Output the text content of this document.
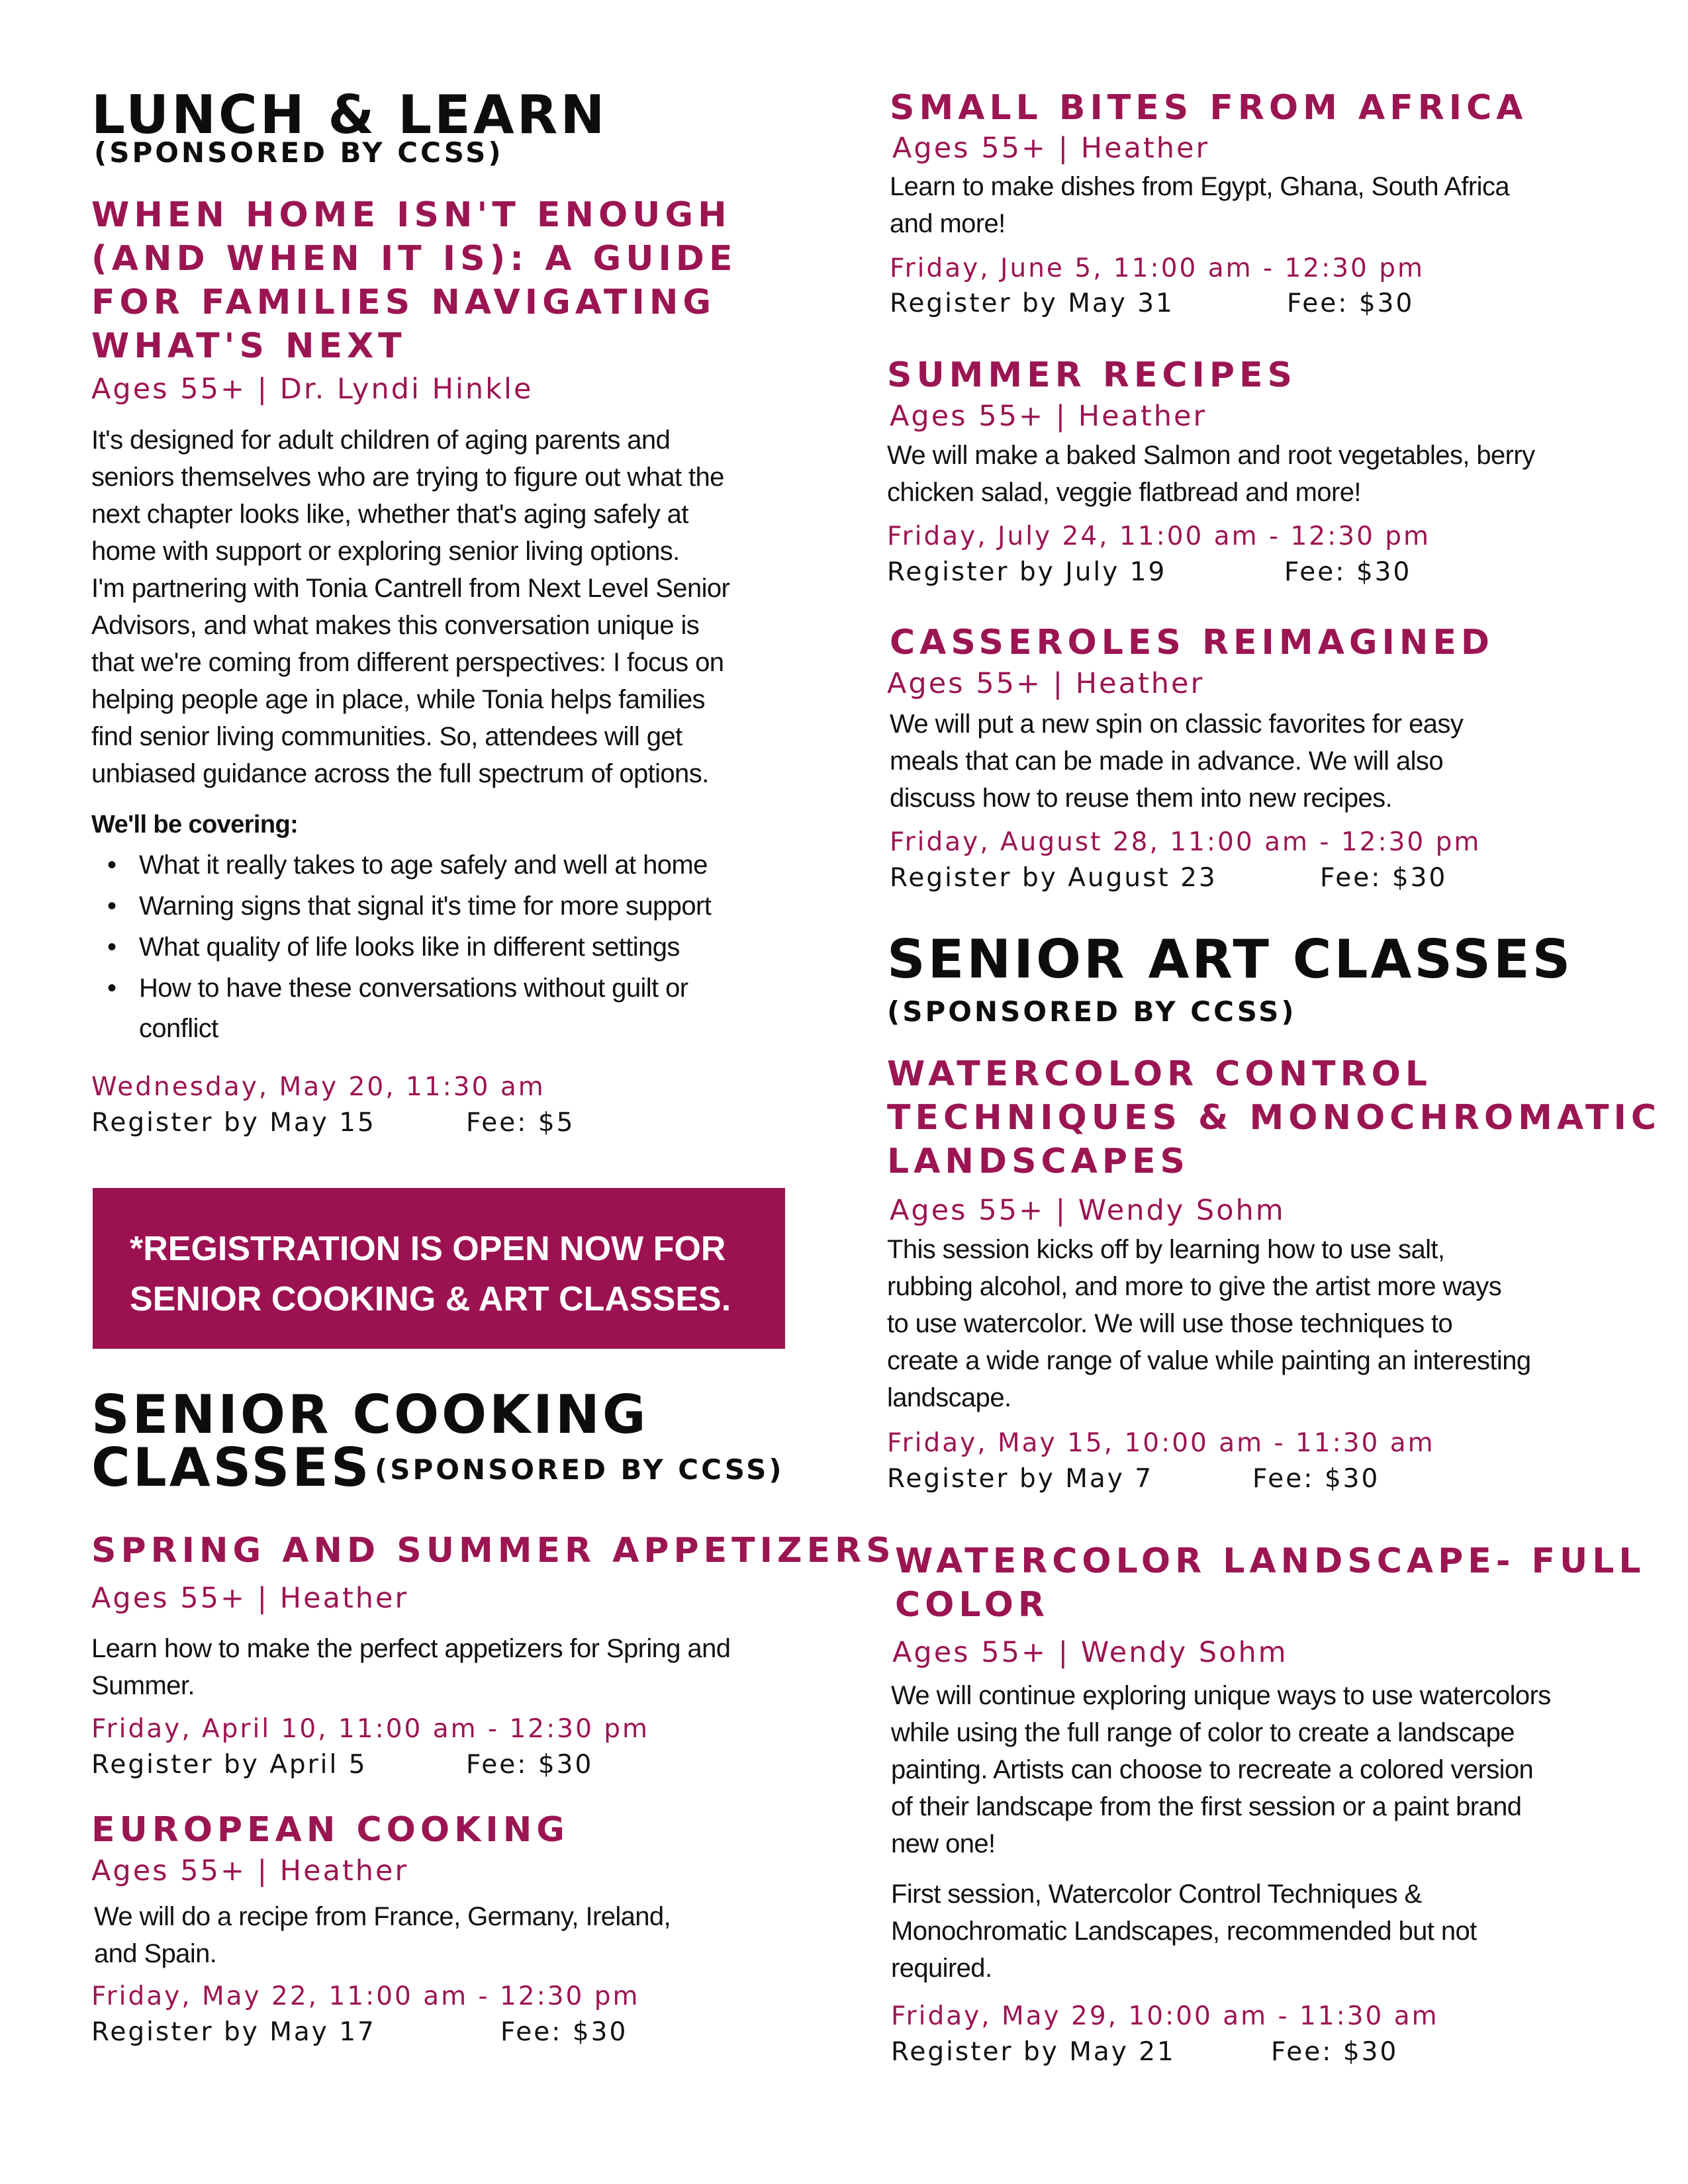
LUNCH & LEARN
(SPONSORED BY CCSS)
WHEN HOME ISN'T ENOUGH
(AND WHEN IT IS): A GUIDE
FOR FAMILIES NAVIGATING
WHAT'S NEXT
Ages 55+ | Dr. Lyndi Hinkle
It's designed for adult children of aging parents and
seniors themselves who are trying to figure out what the
next chapter looks like, whether that's aging safely at
home with support or exploring senior living options.
I'm partnering with Tonia Cantrell from Next Level Senior
Advisors, and what makes this conversation unique is
that we're coming from different perspectives: I focus on
helping people age in place, while Tonia helps families
find senior living communities. So, attendees will get
unbiased guidance across the full spectrum of options.
We'll be covering:
• What it really takes to age safely and well at home
• Warning signs that signal it's time for more support
• What quality of life looks like in different settings
• How to have these conversations without guilt or
conflict
Wednesday, May 20, 11:30 am
Register by May 15	Fee: $5

*REGISTRATION IS OPEN NOW FOR

SENIOR COOKING & ART CLASSES.

SENIOR COOKING
CLASSES (SPONSORED BY CCSS)
SPRING AND SUMMER APPETIZERS
Ages 55+ | Heather
Learn how to make the perfect appetizers for Spring and
Summer.
Friday, April 10, 11:00 am - 12:30 pm
Register by April 5	Fee: $30
EUROPEAN COOKING
Ages 55+ | Heather
We will do a recipe from France, Germany, Ireland,
and Spain.
Friday, May 22, 11:00 am - 12:30 pm
Register by May 17	Fee: $30
SMALL BITES FROM AFRICA
Ages 55+ | Heather
Learn to make dishes from Egypt, Ghana, South Africa
and more!
Friday, June 5, 11:00 am - 12:30 pm
Register by May 31	Fee: $30
SUMMER RECIPES
Ages 55+ | Heather
We will make a baked Salmon and root vegetables, berry
chicken salad, veggie flatbread and more!
Friday, July 24, 11:00 am - 12:30 pm
Register by July 19	Fee: $30
CASSEROLES REIMAGINED
Ages 55+ | Heather
We will put a new spin on classic favorites for easy
meals that can be made in advance. We will also
discuss how to reuse them into new recipes.
Friday, August 28, 11:00 am - 12:30 pm
Register by August 23	Fee: $30
SENIOR ART CLASSES
(SPONSORED BY CCSS)
WATERCOLOR CONTROL
TECHNIQUES & MONOCHROMATIC
LANDSCAPES
Ages 55+ | Wendy Sohm
This session kicks off by learning how to use salt,
rubbing alcohol, and more to give the artist more ways
to use watercolor. We will use those techniques to
create a wide range of value while painting an interesting
landscape.
Friday, May 15, 10:00 am - 11:30 am
Register by May 7	Fee: $30
WATERCOLOR LANDSCAPE- FULL
COLOR
Ages 55+ | Wendy Sohm
We will continue exploring unique ways to use watercolors
while using the full range of color to create a landscape
painting. Artists can choose to recreate a colored version
of their landscape from the first session or a paint brand
new one!
First session, Watercolor Control Techniques &
Monochromatic Landscapes, recommended but not
required.
Friday, May 29, 10:00 am - 11:30 am
Register by May 21	Fee: $30
